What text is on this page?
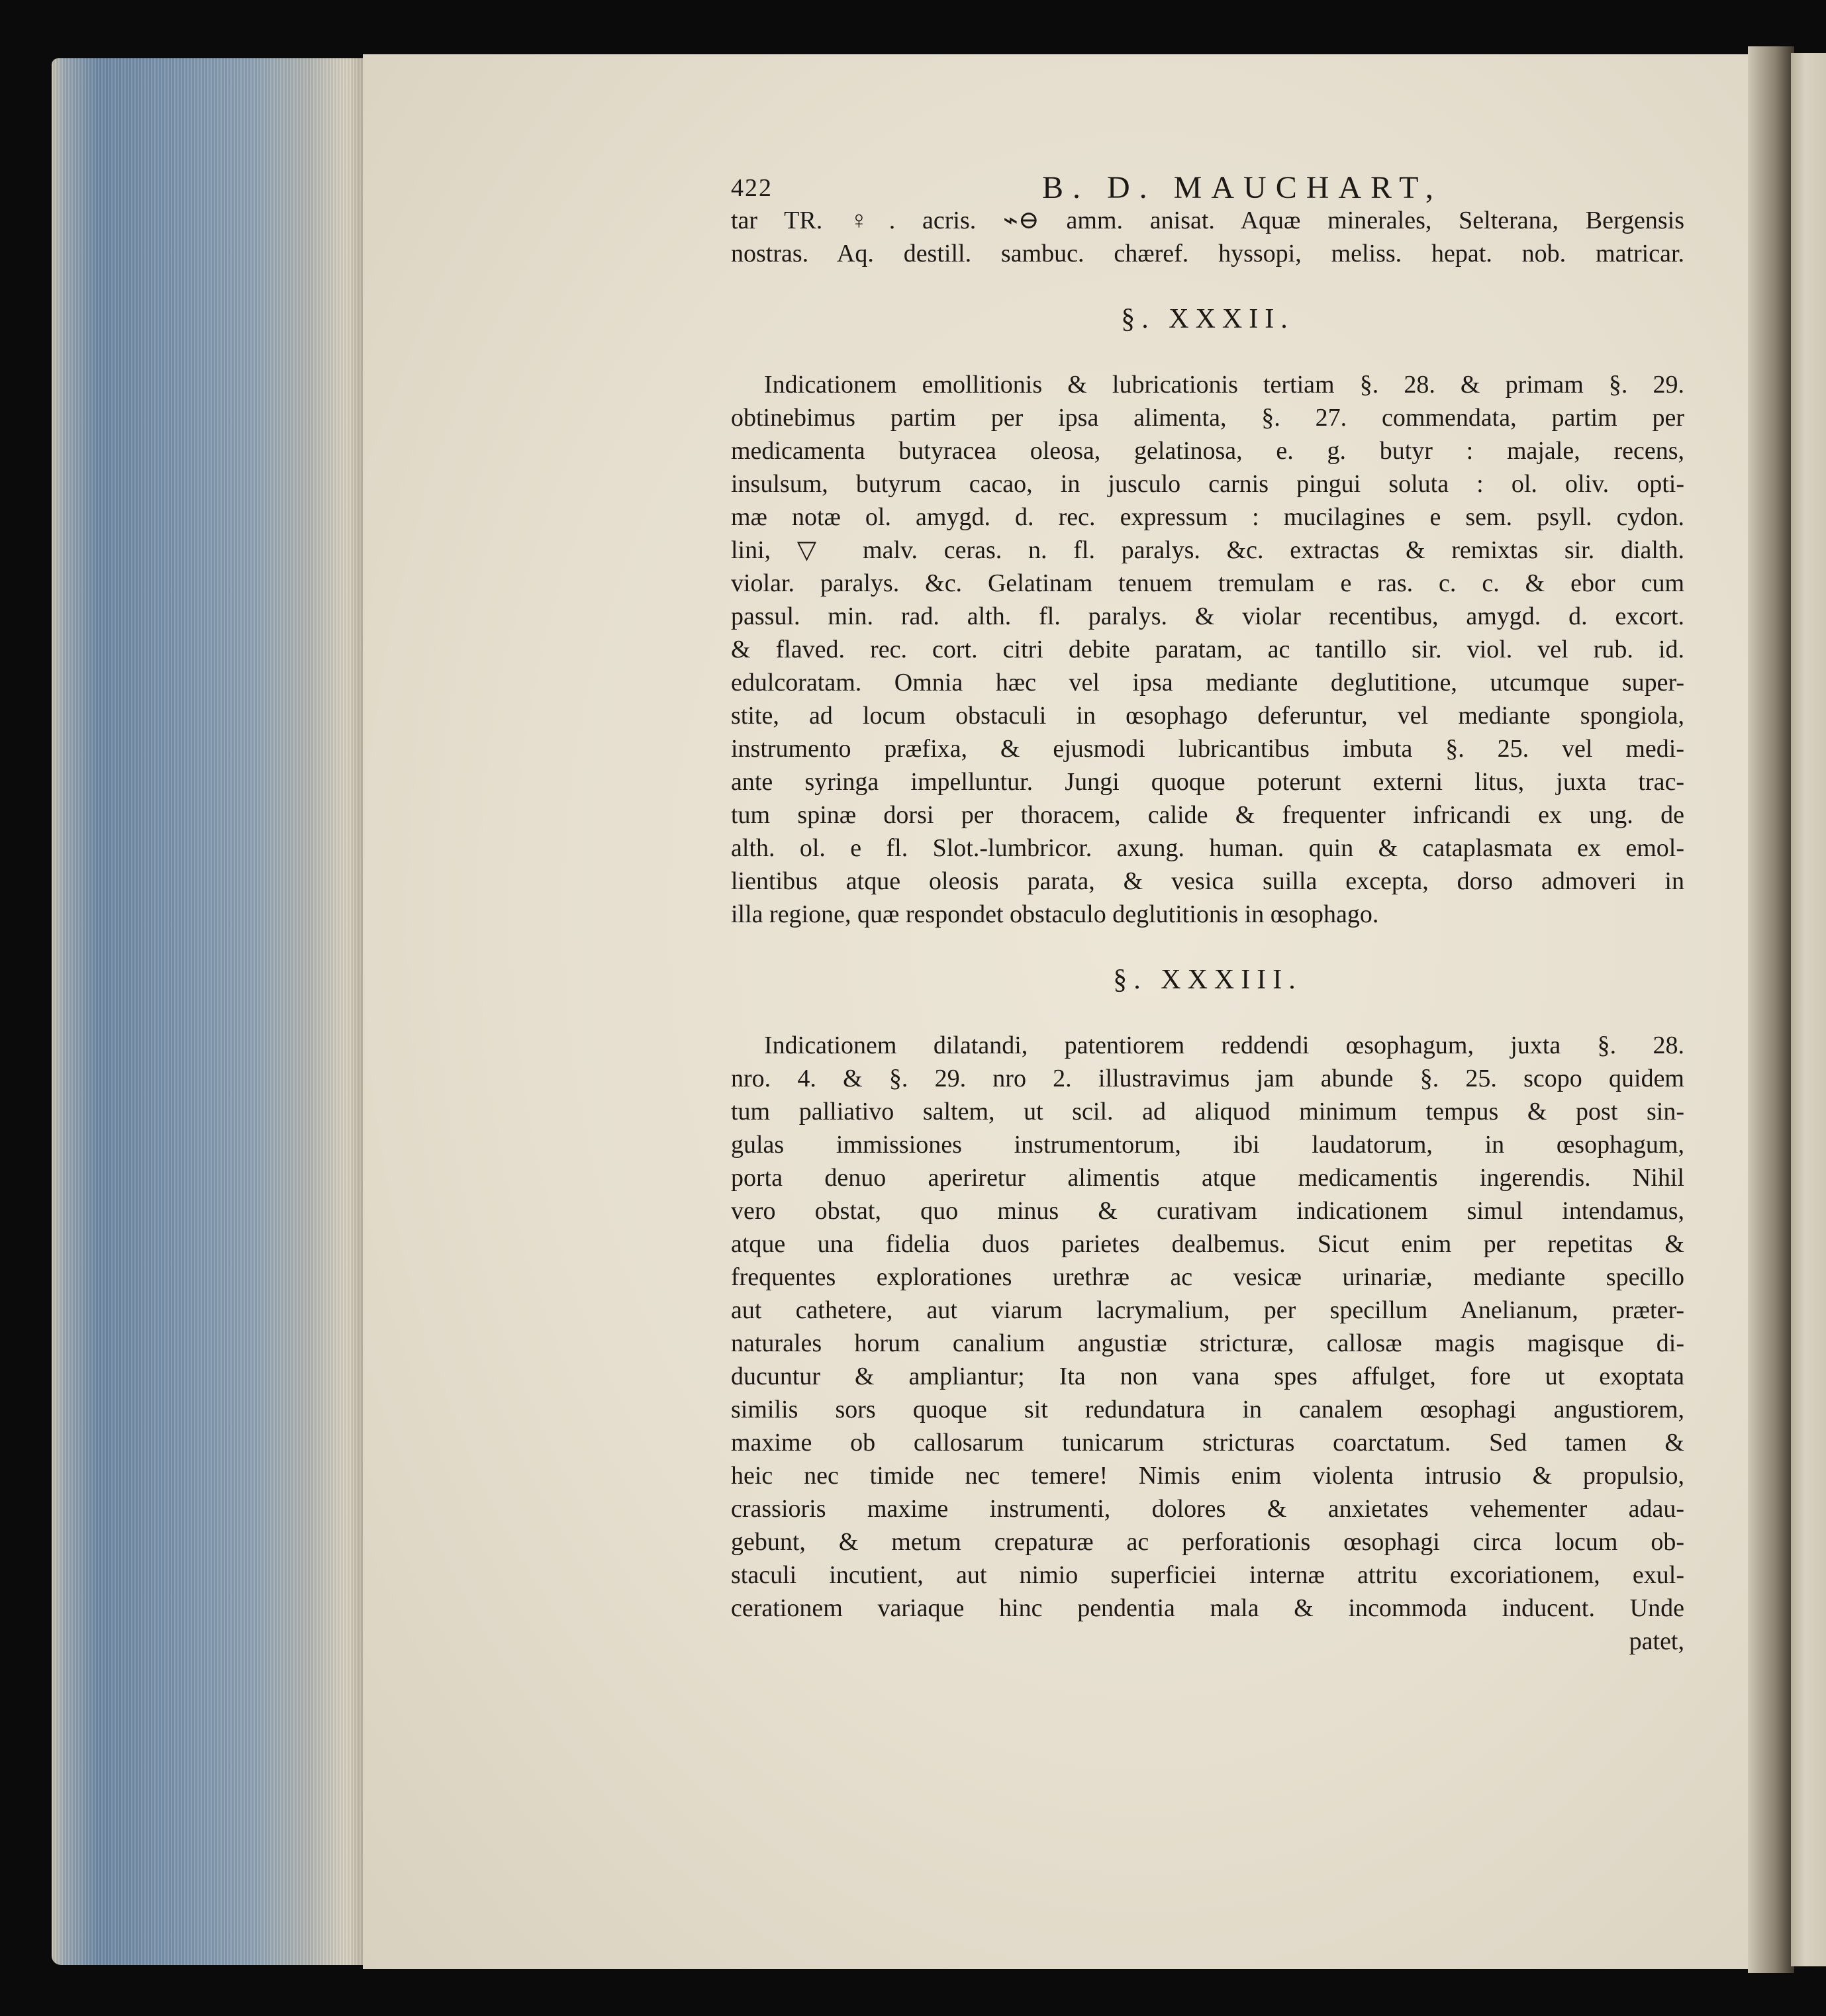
422	B. D. MAUCHART,
tar TR. ♀. acris. ⌁⊖ amm. anisat. Aquæ minerales, Selterana, Bergensis
nostras. Aq. destill. sambuc. chæref. hyssopi, meliss. hepat. nob. matricar.
§. XXXII.
Indicationem emollitionis & lubricationis tertiam §. 28. & primam §. 29.
obtinebimus partim per ipsa alimenta, §. 27. commendata, partim per
medicamenta butyracea oleosa, gelatinosa, e. g. butyr : majale, recens,
insulsum, butyrum cacao, in jusculo carnis pingui soluta : ol. oliv. opti-
mæ notæ ol. amygd. d. rec. expressum : mucilagines e sem. psyll. cydon.
lini, ▽ malv. ceras. n. fl. paralys. &c. extractas & remixtas sir. dialth.
violar. paralys. &c. Gelatinam tenuem tremulam e ras. c. c. & ebor cum
passul. min. rad. alth. fl. paralys. & violar recentibus, amygd. d. excort.
& flaved. rec. cort. citri debite paratam, ac tantillo sir. viol. vel rub. id.
edulcoratam. Omnia hæc vel ipsa mediante deglutitione, utcumque super-
stite, ad locum obstaculi in œsophago deferuntur, vel mediante spongiola,
instrumento præfixa, & ejusmodi lubricantibus imbuta §. 25. vel medi-
ante syringa impelluntur. Jungi quoque poterunt externi litus, juxta trac-
tum spinæ dorsi per thoracem, calide & frequenter infricandi ex ung. de
alth. ol. e fl. Slot.-lumbricor. axung. human. quin & cataplasmata ex emol-
lientibus atque oleosis parata, & vesica suilla excepta, dorso admoveri in
illa regione, quæ respondet obstaculo deglutitionis in œsophago.
§. XXXIII.
Indicationem dilatandi, patentiorem reddendi œsophagum, juxta §. 28.
nro. 4. & §. 29. nro 2. illustravimus jam abunde §. 25. scopo quidem
tum palliativo saltem, ut scil. ad aliquod minimum tempus & post sin-
gulas immissiones instrumentorum, ibi laudatorum, in œsophagum,
porta denuo aperiretur alimentis atque medicamentis ingerendis. Nihil
vero obstat, quo minus & curativam indicationem simul intendamus,
atque una fidelia duos parietes dealbemus. Sicut enim per repetitas &
frequentes explorationes urethræ ac vesicæ urinariæ, mediante specillo
aut cathetere, aut viarum lacrymalium, per specillum Anelianum, præter-
naturales horum canalium angustiæ stricturæ, callosæ magis magisque di-
ducuntur & ampliantur; Ita non vana spes affulget, fore ut exoptata
similis sors quoque sit redundatura in canalem œsophagi angustiorem,
maxime ob callosarum tunicarum stricturas coarctatum. Sed tamen &
heic nec timide nec temere! Nimis enim violenta intrusio & propulsio,
crassioris maxime instrumenti, dolores & anxietates vehementer adau-
gebunt, & metum crepaturæ ac perforationis œsophagi circa locum ob-
staculi incutient, aut nimio superficiei internæ attritu excoriationem, exul-
cerationem variaque hinc pendentia mala & incommoda inducent. Unde
patet,
